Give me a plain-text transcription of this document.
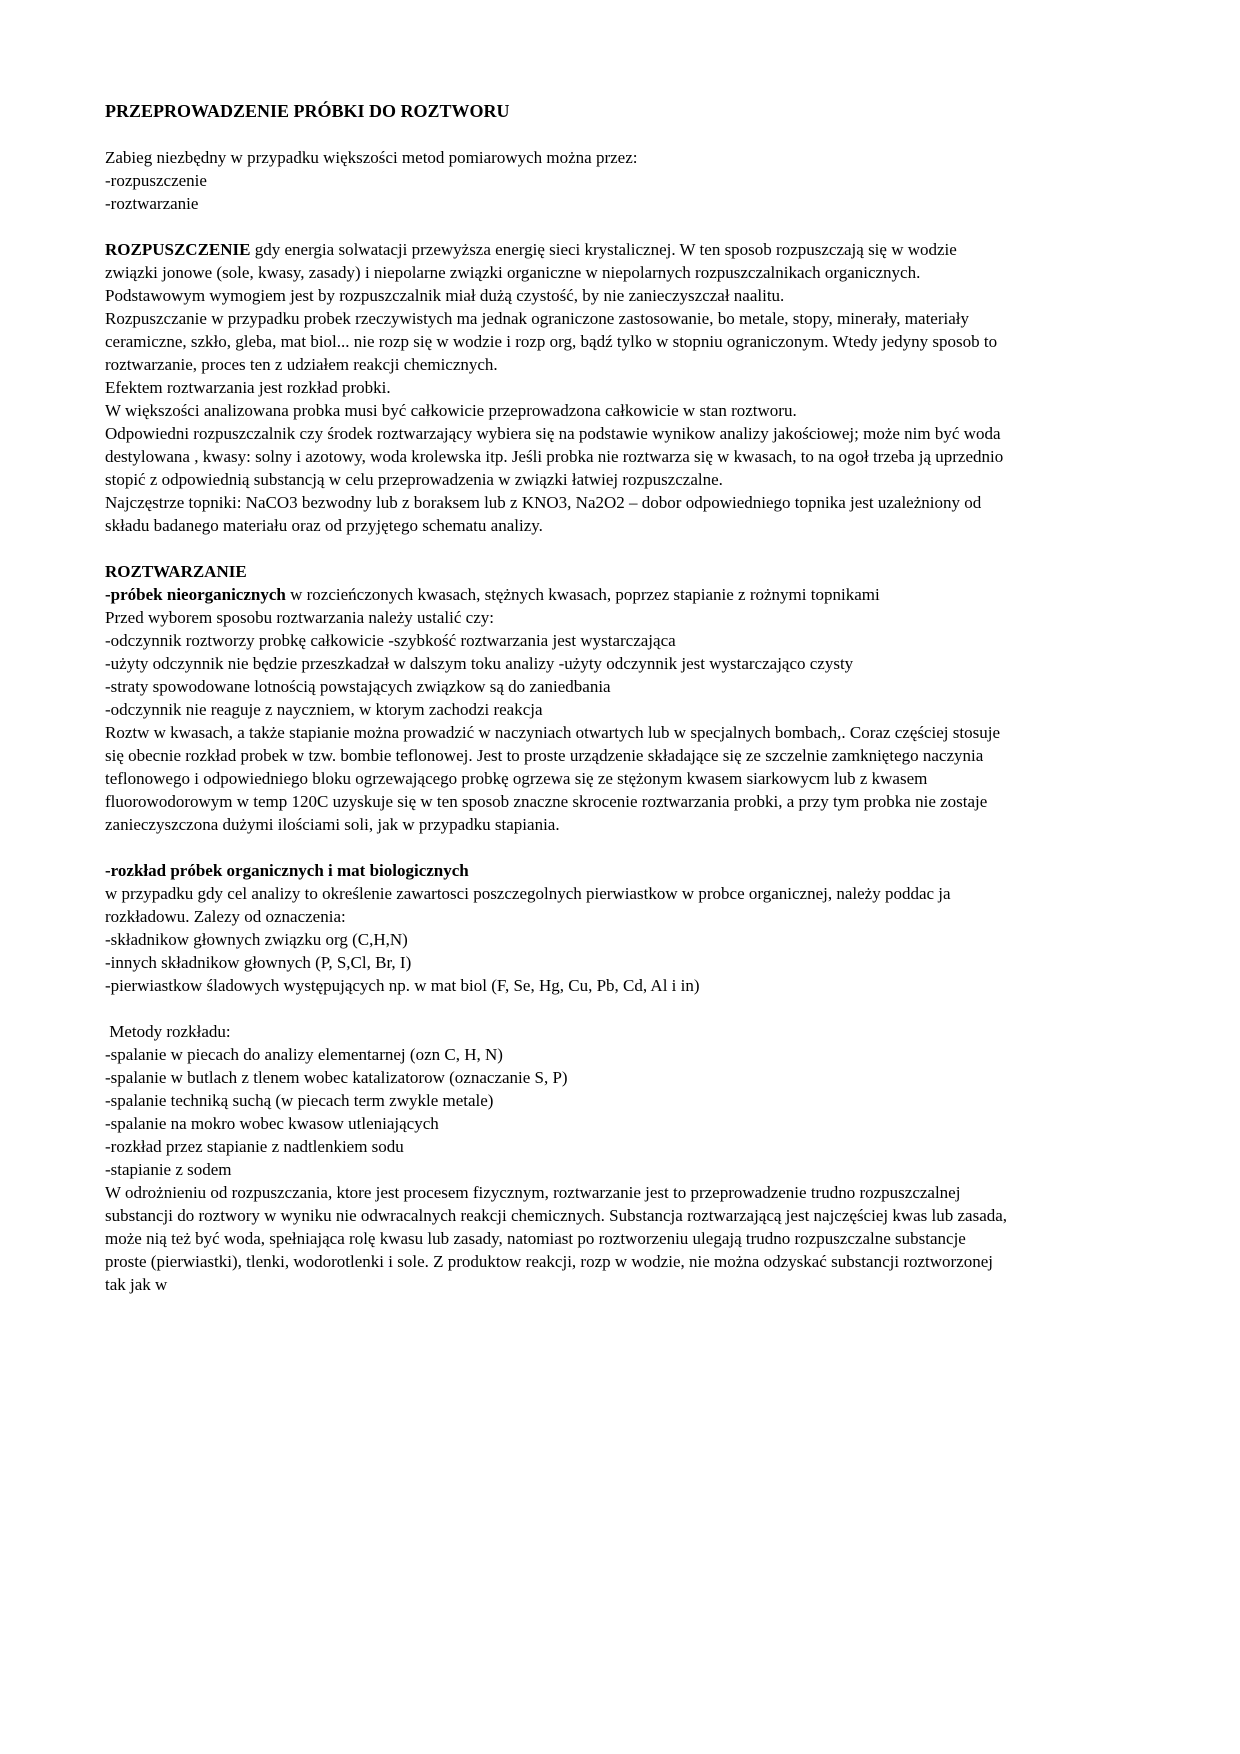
PRZEPROWADZENIE PRÓBKI DO ROZTWORU

Zabieg niezbędny w przypadku większości metod pomiarowych można przez:

-rozpuszczenie

-roztwarzanie

ROZPUSZCZENIE gdy energia solwatacji przewyższa energię sieci krystalicznej. W ten sposob rozpuszczają się w wodzie związki jonowe (sole, kwasy, zasady) i niepolarne związki organiczne w niepolarnych rozpuszczalnikach organicznych. Podstawowym wymogiem jest by rozpuszczalnik miał dużą czystość, by nie zanieczyszczał naalitu.

Rozpuszczanie w przypadku probek rzeczywistych ma jednak ograniczone zastosowanie, bo metale, stopy, minerały, materiały ceramiczne, szkło, gleba, mat biol... nie rozp się w wodzie i rozp org, bądź tylko w stopniu ograniczonym. Wtedy jedyny sposob to roztwarzanie, proces ten z udziałem reakcji chemicznych.

Efektem roztwarzania jest rozkład probki.

W większości analizowana probka musi być całkowicie przeprowadzona całkowicie w stan roztworu.

Odpowiedni rozpuszczalnik czy środek roztwarzający wybiera się na podstawie wynikow analizy jakościowej; może nim być woda destylowana , kwasy: solny i azotowy, woda krolewska itp. Jeśli probka nie roztwarza się w kwasach, to na ogoł trzeba ją uprzednio stopić z odpowiednią substancją w celu przeprowadzenia w związki łatwiej rozpuszczalne.

Najczęstrze topniki: NaCO3 bezwodny lub z boraksem lub z KNO3, Na2O2 – dobor odpowiedniego topnika jest uzależniony od składu badanego materiału oraz od przyjętego schematu analizy.

ROZTWARZANIE

-próbek nieorganicznych w rozcieńczonych kwasach, stężnych kwasach, poprzez stapianie z rożnymi topnikami

Przed wyborem sposobu roztwarzania należy ustalić czy:

-odczynnik roztworzy probkę całkowicie -szybkość roztwarzania jest wystarczająca

-użyty odczynnik nie będzie przeszkadzał w dalszym toku analizy -użyty odczynnik jest wystarczająco czysty

-straty spowodowane lotnością powstających związkow są do zaniedbania

-odczynnik nie reaguje z nayczniem, w ktorym zachodzi reakcja

Roztw w kwasach, a także stapianie można prowadzić w naczyniach otwartych lub w specjalnych bombach,. Coraz częściej stosuje się obecnie rozkład probek w tzw. bombie teflonowej. Jest to proste urządzenie składające się ze szczelnie zamkniętego naczynia teflonowego i odpowiedniego bloku ogrzewającego probkę ogrzewa się ze stężonym kwasem siarkowycm lub z kwasem fluorowodorowym w temp 120C uzyskuje się w ten sposob znaczne skrocenie roztwarzania probki, a przy tym probka nie zostaje zanieczyszczona dużymi ilościami soli, jak w przypadku stapiania.

-rozkład próbek organicznych i mat biologicznych

w przypadku gdy cel analizy to określenie zawartosci poszczegolnych pierwiastkow w probce organicznej, należy poddac ja rozkładowu. Zalezy od oznaczenia:

-składnikow głownych związku org (C,H,N)

-innych składnikow głownych (P, S,Cl, Br, I)

-pierwiastkow śladowych występujących np. w mat biol (F, Se, Hg, Cu, Pb, Cd, Al i in)

Metody rozkładu:

-spalanie w piecach do analizy elementarnej (ozn C, H, N)

-spalanie w butlach z tlenem wobec katalizatorow (oznaczanie S, P)

-spalanie techniką suchą (w piecach term zwykle metale)

-spalanie na mokro wobec kwasow utleniających

-rozkład przez stapianie z nadtlenkiem sodu

-stapianie z sodem

W odrożnieniu od rozpuszczania, ktore jest procesem fizycznym, roztwarzanie jest to przeprowadzenie trudno rozpuszczalnej substancji do roztwory w wyniku nie odwracalnych reakcji chemicznych. Substancja roztwarzającą jest najczęściej kwas lub zasada, może nią też być woda, spełniająca rolę kwasu lub zasady, natomiast po roztworzeniu ulegają trudno rozpuszczalne substancje proste (pierwiastki), tlenki, wodorotlenki i sole. Z produktow reakcji, rozp w wodzie, nie można odzyskać substancji roztworzonej tak jak w
